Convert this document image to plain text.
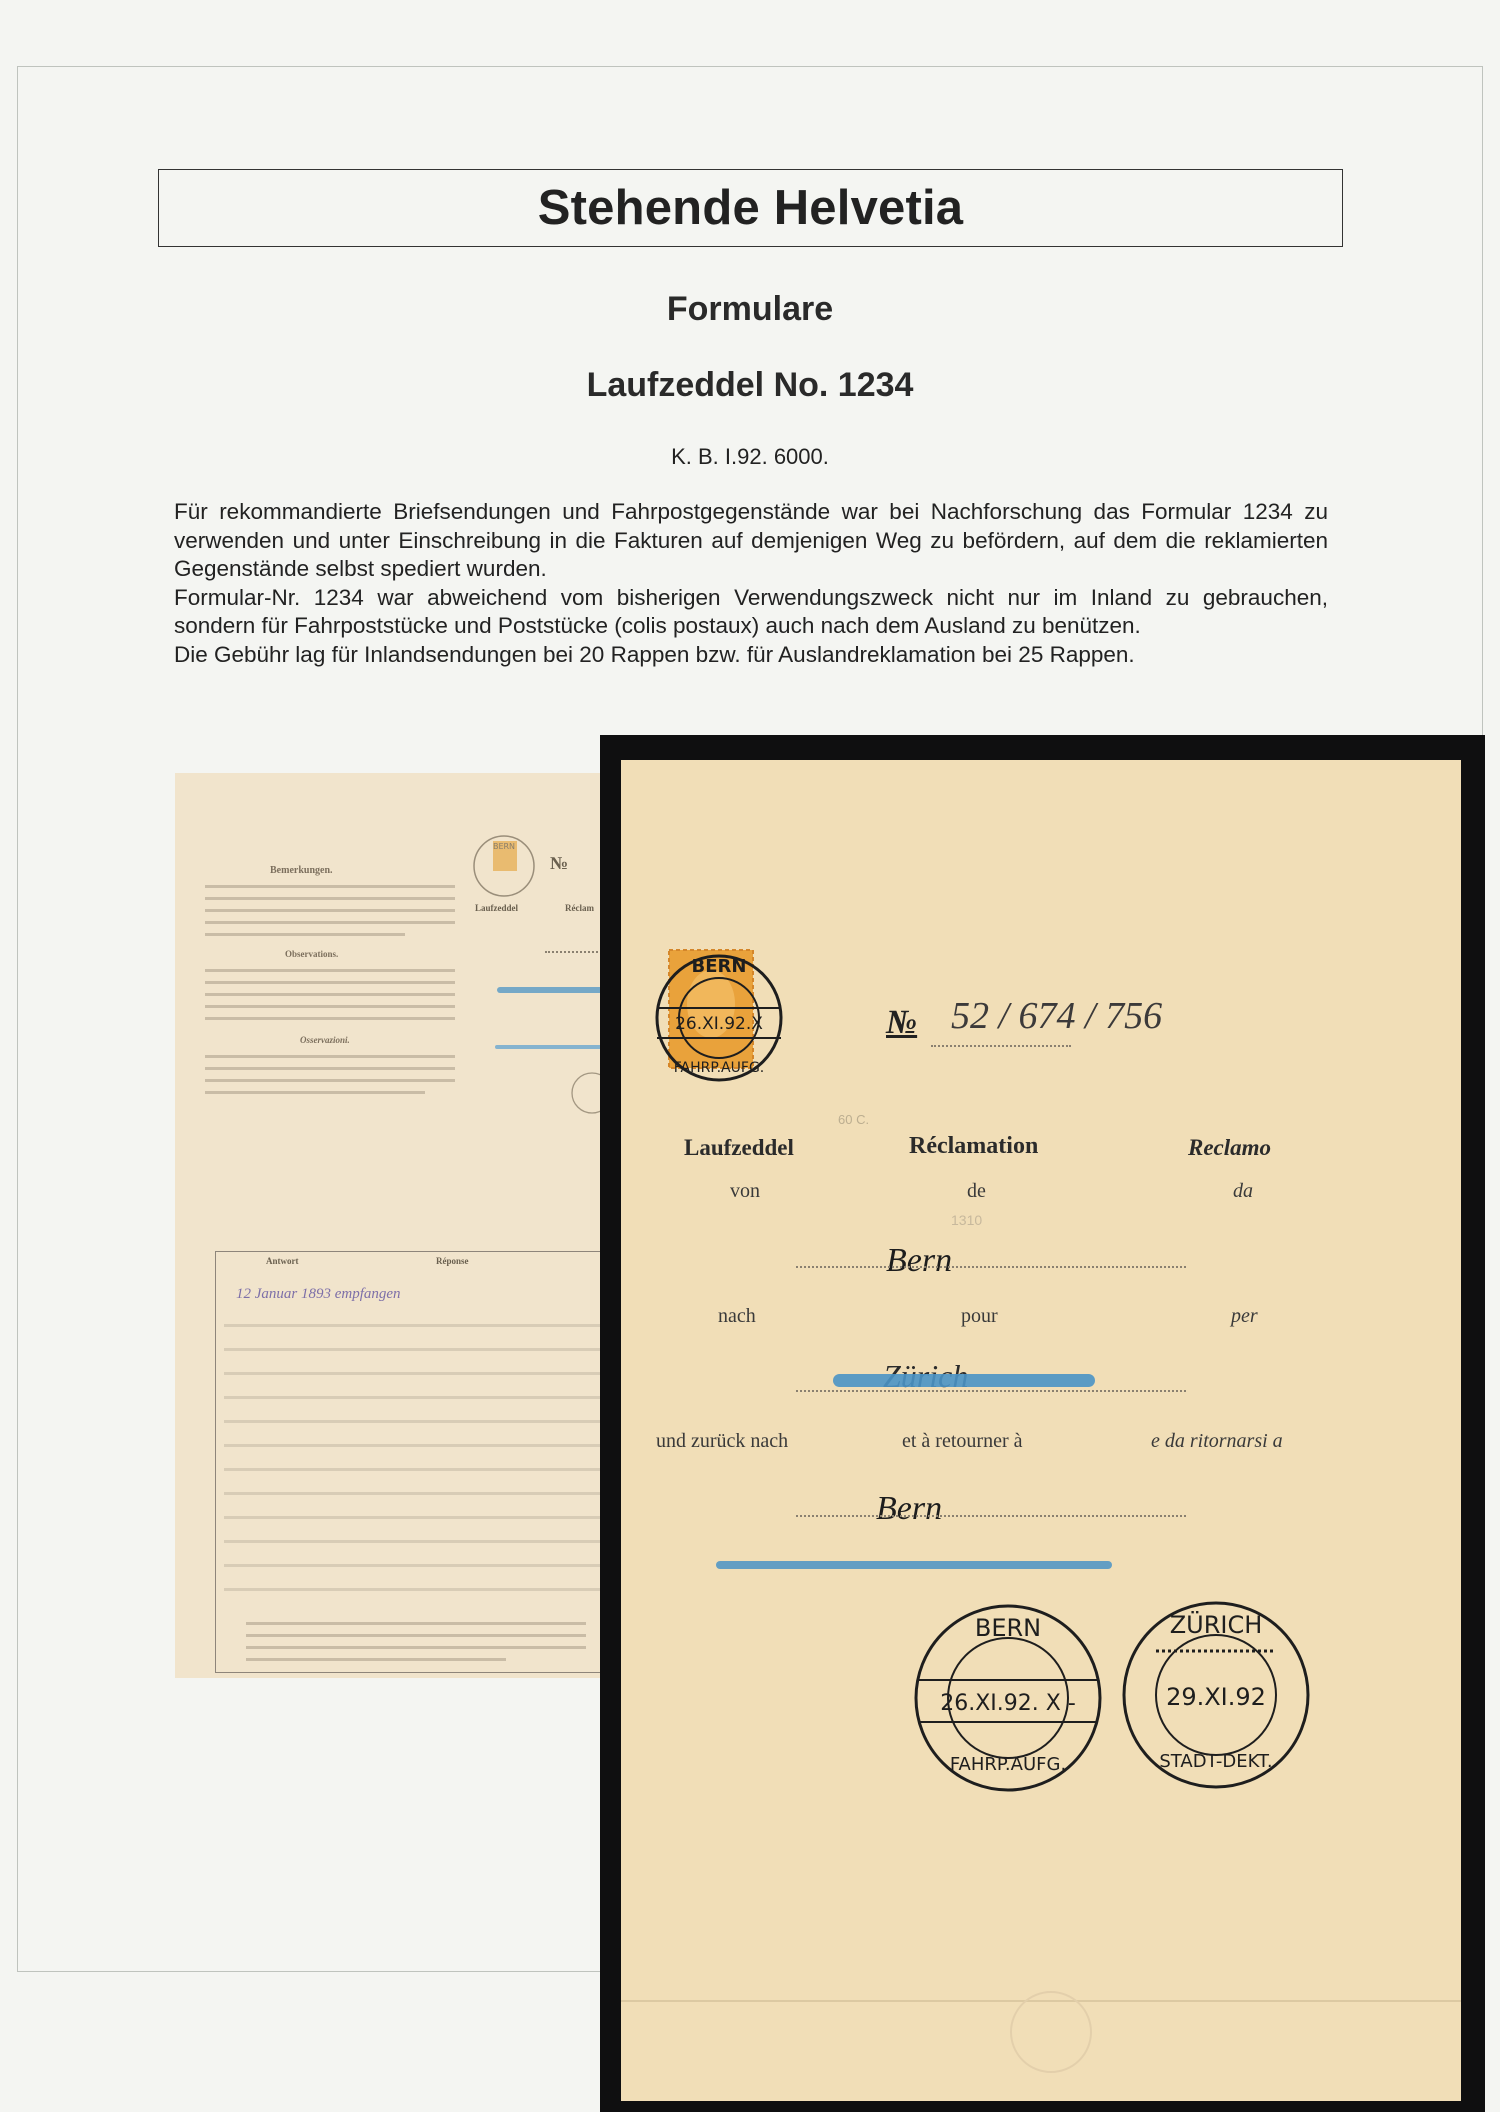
Stehende Helvetia
Formulare
Laufzeddel No. 1234
K. B. I.92. 6000.

Für rekommandierte Briefsendungen und Fahrpostgegenstände war bei Nachforschung das Formular 1234 zu verwenden und unter Einschreibung in die Fakturen auf demjenigen Weg zu befördern, auf dem die reklamierten Gegenstände selbst spediert wurden.

Formular-Nr. 1234 war abweichend vom bisherigen Verwendungszweck nicht nur im Inland zu gebrauchen, sondern für Fahrpoststücke und Poststücke (colis postaux) auch nach dem Ausland zu benützen.

Die Gebühr lag für Inlandsendungen bei 20 Rappen bzw. für Auslandreklamation bei 25 Rappen.

Bemerkungen.
Observations.
Osservazioni.
BERN
№
Laufzeddel	Réclam
Antwort	Réponse
12 Januar 1893 empfangen
BERN
26.XI.92.X
FAHRP.AUFG.
№ 52 / 674 / 756
60 C.
Laufzeddel	Réclamation	Reclamo
von	de	da
1310
Bern
nach	pour	per
und zurück nach	et à retourner à	e da ritornarsi a
Bern
BERN
26.XI.92. X -
FAHRP.AUFG.
ZÜRICH
29.XI.92
STADT-DEKT.
